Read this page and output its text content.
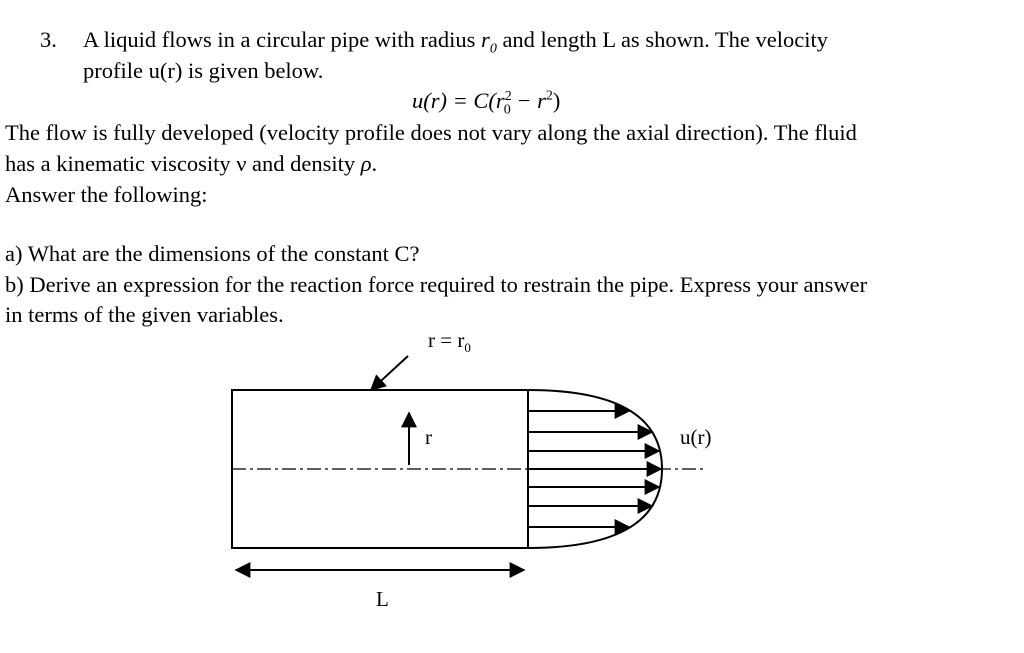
3. A liquid flows in a circular pipe with radius $r_0$ and length L as shown. The velocity
profile u(r) is given below.
$u(r) = C(r^2_0 - r^2)$
The flow is fully developed (velocity profile does not vary along the axial direction). The fluid
has a kinematic viscosity ν and density ρ.
Answer the following:
a) What are the dimensions of the constant C?
b) Derive an expression for the reaction force required to restrain the pipe. Express your answer
in terms of the given variables.
$r = r_0$
r	u(r)
L
